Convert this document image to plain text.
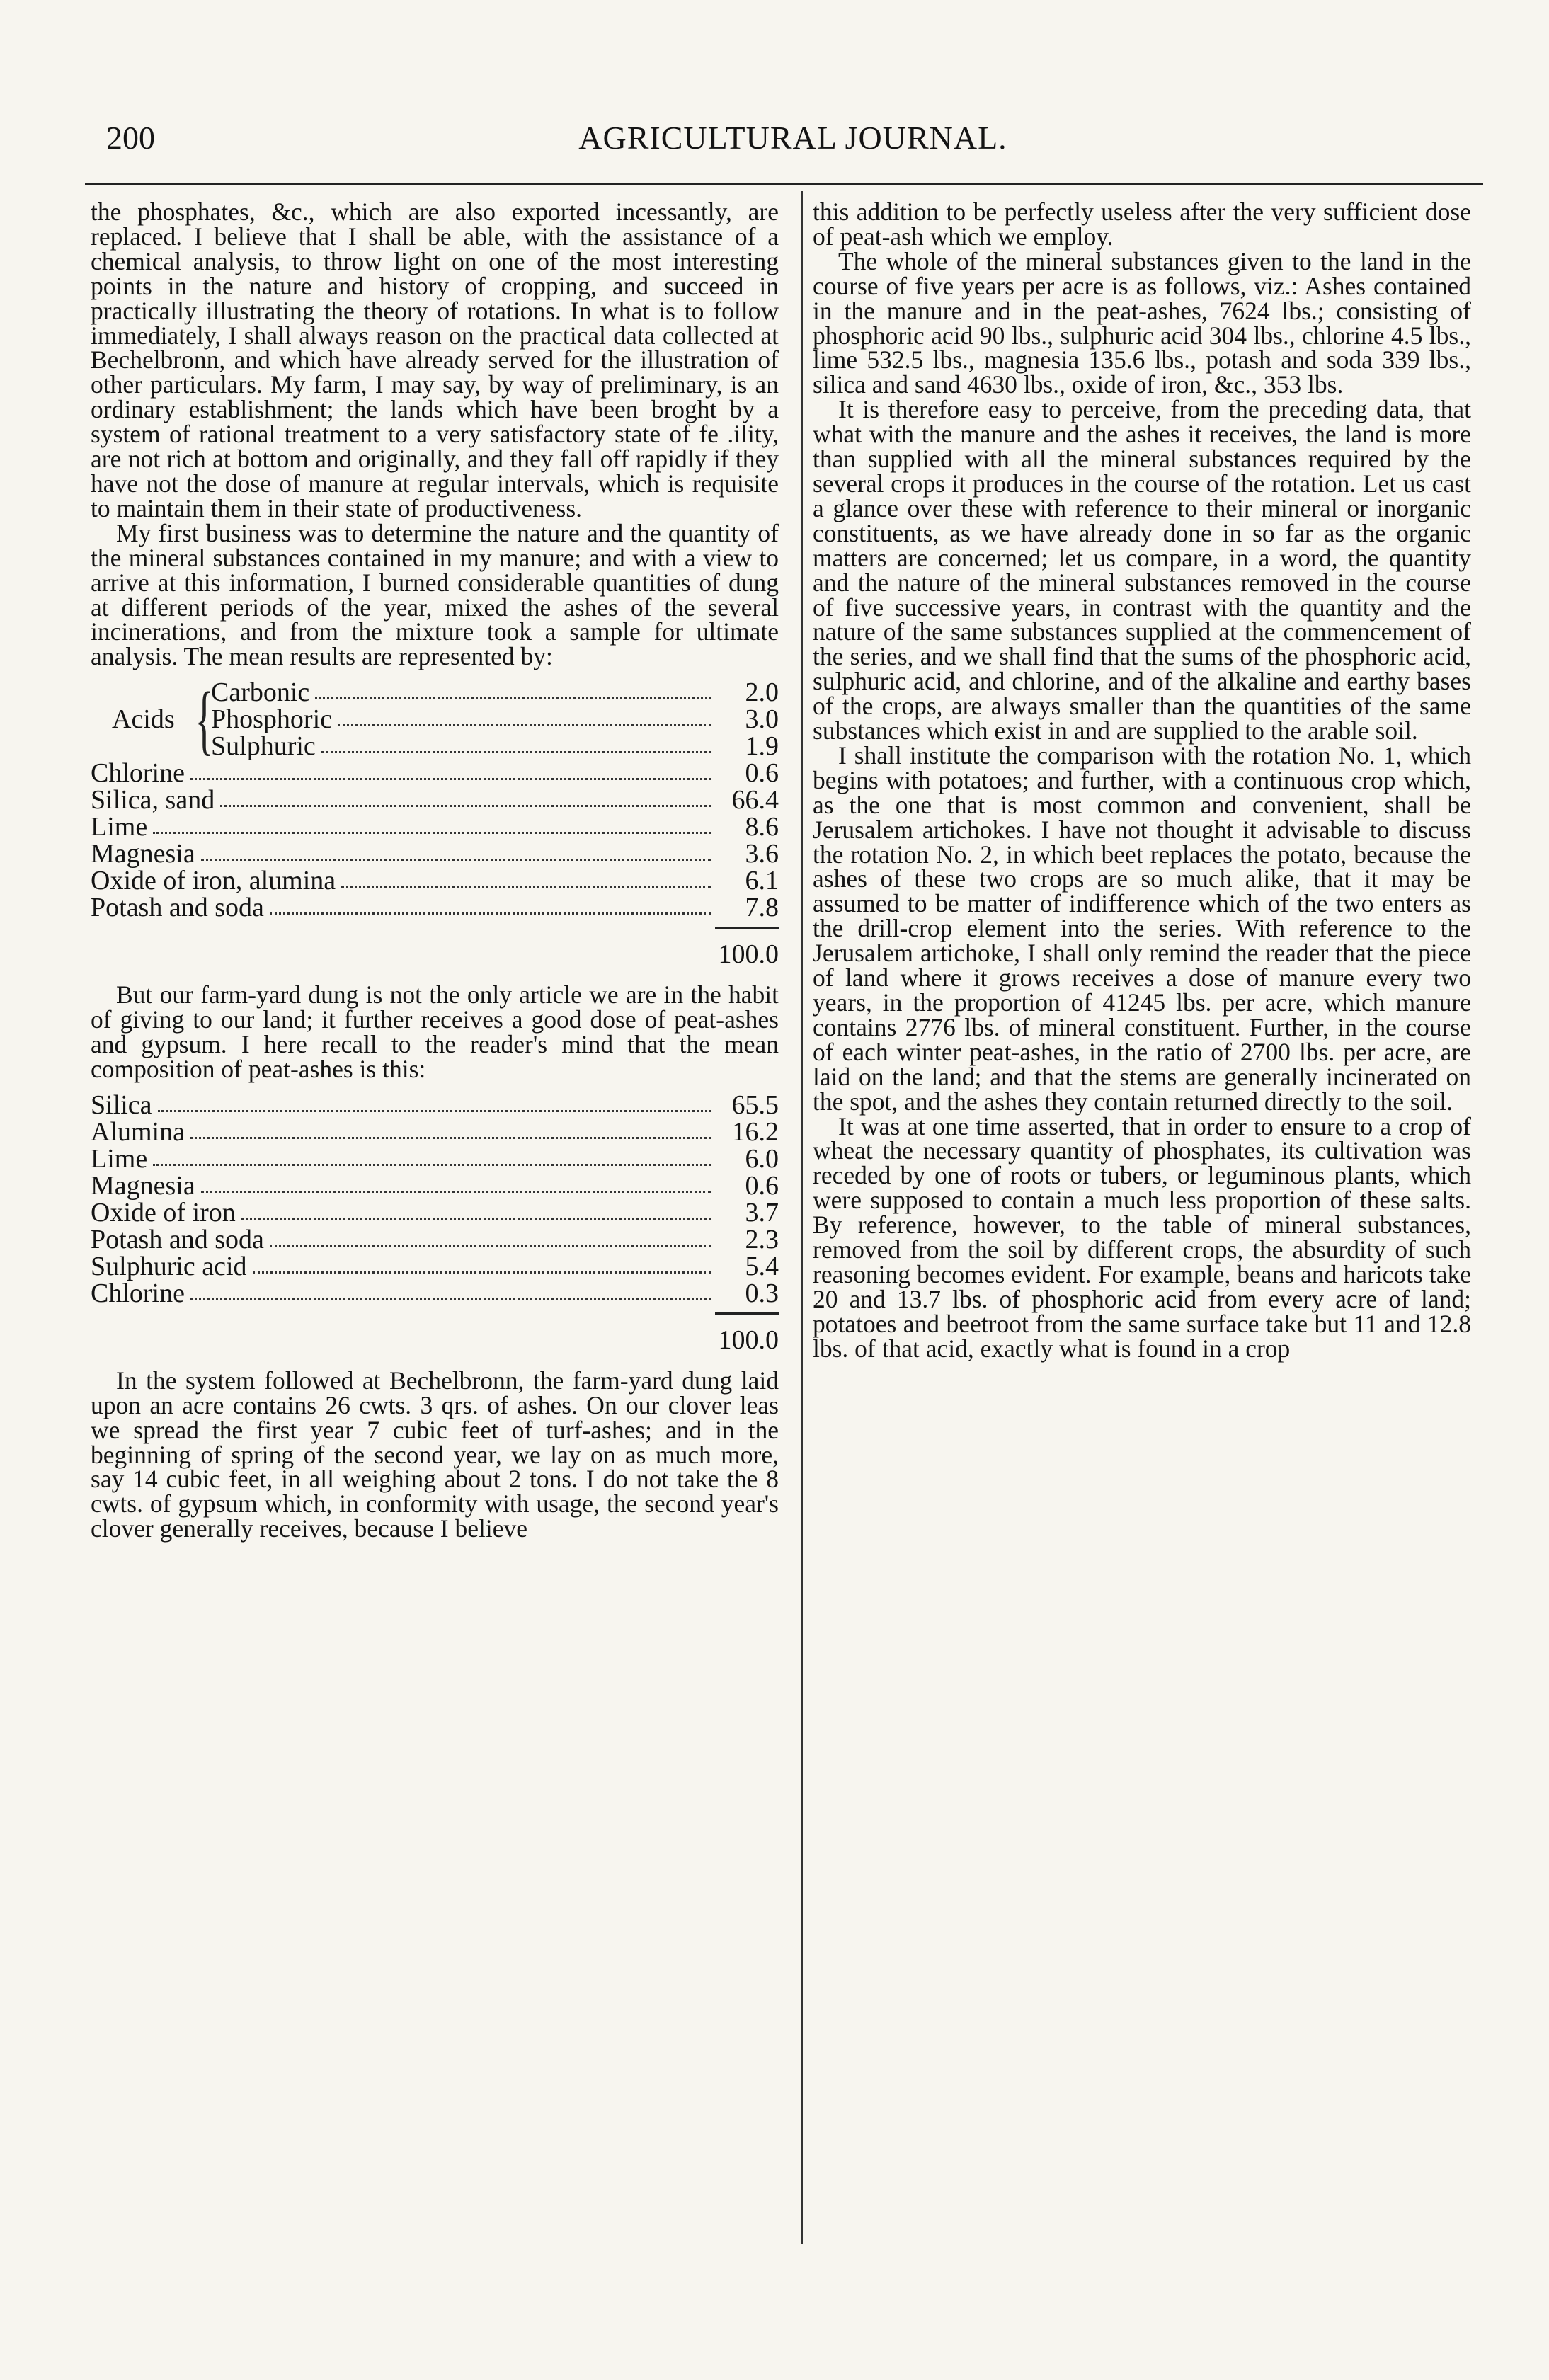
200	AGRICULTURAL JOURNAL.

the phosphates, &c., which are also exported incessantly, are replaced. I believe that I shall be able, with the assistance of a chemical analysis, to throw light on one of the most interesting points in the nature and history of cropping, and succeed in practically illustrating the theory of rotations. In what is to follow immediately, I shall always reason on the practical data collected at Bechelbronn, and which have already served for the illustration of other particulars. My farm, I may say, by way of preliminary, is an ordinary establishment; the lands which have been broght by a system of rational treatment to a very satisfactory state of fe .ility, are not rich at bottom and originally, and they fall off rapidly if they have not the dose of manure at regular intervals, which is requisite to maintain them in their state of productiveness.

My first business was to determine the nature and the quantity of the mineral substances contained in my manure; and with a view to arrive at this information, I burned considerable quantities of dung at different periods of the year, mixed the ashes of the several incinerations, and from the mixture took a sample for ultimate analysis. The mean results are represented by:

Acids {
Carbonic	2.0
Phosphoric	3.0
Sulphuric	1.9
Chlorine	0.6
Silica, sand	66.4
Lime	8.6
Magnesia	3.6
Oxide of iron, alumina	6.1
Potash and soda	7.8
100.0

But our farm-yard dung is not the only article we are in the habit of giving to our land; it further receives a good dose of peat-ashes and gypsum. I here recall to the reader's mind that the mean composition of peat-ashes is this:

Silica	65.5
Alumina	16.2
Lime	6.0
Magnesia	0.6
Oxide of iron	3.7
Potash and soda	2.3
Sulphuric acid	5.4
Chlorine	0.3
100.0

In the system followed at Bechelbronn, the farm-yard dung laid upon an acre contains 26 cwts. 3 qrs. of ashes. On our clover leas we spread the first year 7 cubic feet of turf-ashes; and in the beginning of spring of the second year, we lay on as much more, say 14 cubic feet, in all weighing about 2 tons. I do not take the 8 cwts. of gypsum which, in conformity with usage, the second year's clover generally receives, because I believe

this addition to be perfectly useless after the very sufficient dose of peat-ash which we employ.

The whole of the mineral substances given to the land in the course of five years per acre is as follows, viz.: Ashes contained in the manure and in the peat-ashes, 7624 lbs.; consisting of phosphoric acid 90 lbs., sulphuric acid 304 lbs., chlorine 4.5 lbs., lime 532.5 lbs., magnesia 135.6 lbs., potash and soda 339 lbs., silica and sand 4630 lbs., oxide of iron, &c., 353 lbs.

It is therefore easy to perceive, from the preceding data, that what with the manure and the ashes it receives, the land is more than supplied with all the mineral substances required by the several crops it produces in the course of the rotation. Let us cast a glance over these with reference to their mineral or inorganic constituents, as we have already done in so far as the organic matters are concerned; let us compare, in a word, the quantity and the nature of the mineral substances removed in the course of five successive years, in contrast with the quantity and the nature of the same substances supplied at the commencement of the series, and we shall find that the sums of the phosphoric acid, sulphuric acid, and chlorine, and of the alkaline and earthy bases of the crops, are always smaller than the quantities of the same substances which exist in and are supplied to the arable soil.

I shall institute the comparison with the rotation No. 1, which begins with potatoes; and further, with a continuous crop which, as the one that is most common and convenient, shall be Jerusalem artichokes. I have not thought it advisable to discuss the rotation No. 2, in which beet replaces the potato, because the ashes of these two crops are so much alike, that it may be assumed to be matter of indifference which of the two enters as the drill-crop element into the series. With reference to the Jerusalem artichoke, I shall only remind the reader that the piece of land where it grows receives a dose of manure every two years, in the proportion of 41245 lbs. per acre, which manure contains 2776 lbs. of mineral constituent. Further, in the course of each winter peat-ashes, in the ratio of 2700 lbs. per acre, are laid on the land; and that the stems are generally incinerated on the spot, and the ashes they contain returned directly to the soil.

It was at one time asserted, that in order to ensure to a crop of wheat the necessary quantity of phosphates, its cultivation was receded by one of roots or tubers, or leguminous plants, which were supposed to contain a much less proportion of these salts. By reference, however, to the table of mineral substances, removed from the soil by different crops, the absurdity of such reasoning becomes evident. For example, beans and haricots take 20 and 13.7 lbs. of phosphoric acid from every acre of land; potatoes and beetroot from the same surface take but 11 and 12.8 lbs. of that acid, exactly what is found in a crop
